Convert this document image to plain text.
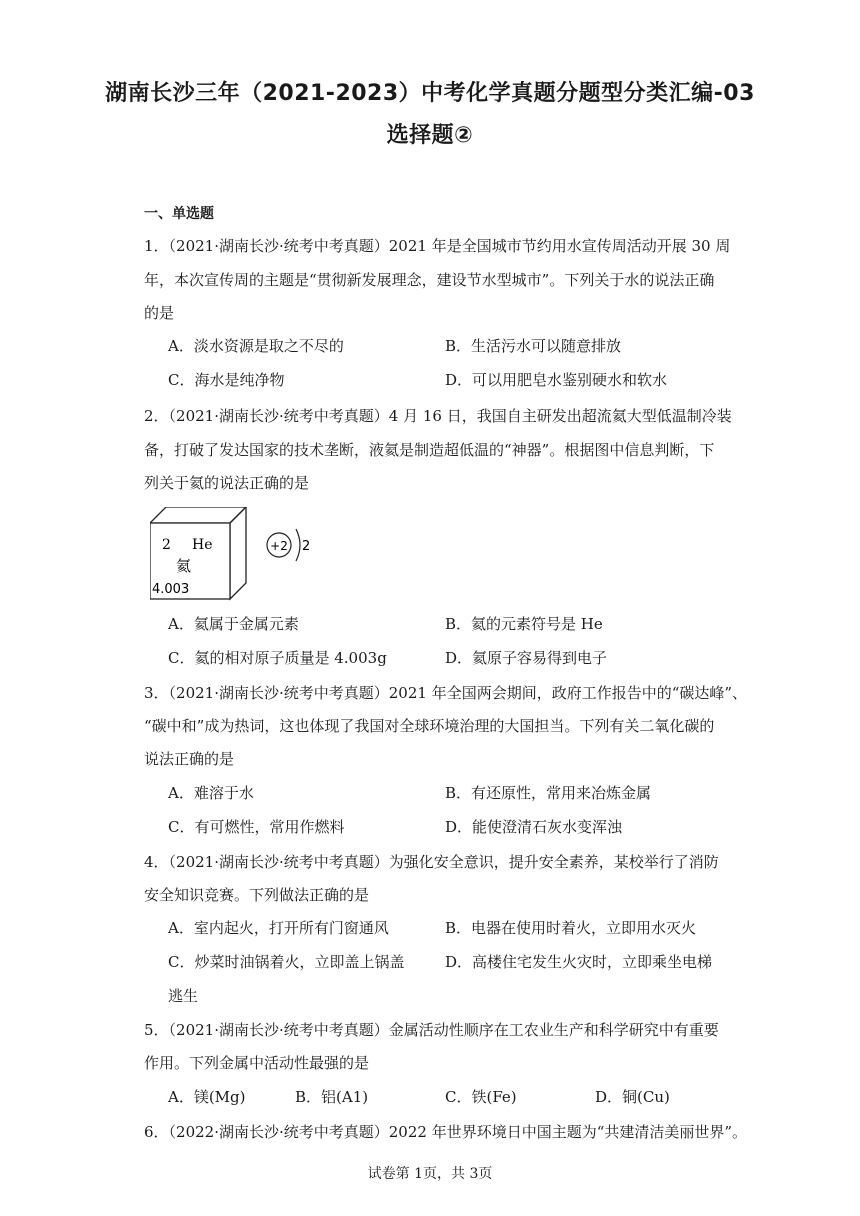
湖南长沙三年（2021-2023）中考化学真题分题型分类汇编-03
选择题②
一、单选题
1．（2021·湖南长沙·统考中考真题）2021 年是全国城市节约用水宣传周活动开展 30 周
年，本次宣传周的主题是“贯彻新发展理念，建设节水型城市”。下列关于水的说法正确
的是
A．淡水资源是取之不尽的	B．生活污水可以随意排放
C．海水是纯净物	D．可以用肥皂水鉴别硬水和软水
2．（2021·湖南长沙·统考中考真题）4 月 16 日，我国自主研发出超流氦大型低温制冷装
备，打破了发达国家的技术垄断，液氦是制造超低温的“神器”。根据图中信息判断，下
列关于氦的说法正确的是
2 He
氦
4.003
+2 2
A．氦属于金属元素	B．氦的元素符号是 He
C．氦的相对原子质量是 4.003g	D．氦原子容易得到电子
3．（2021·湖南长沙·统考中考真题）2021 年全国两会期间，政府工作报告中的“碳达峰”、
“碳中和”成为热词，这也体现了我国对全球环境治理的大国担当。下列有关二氧化碳的
说法正确的是
A．难溶于水	B．有还原性，常用来冶炼金属
C．有可燃性，常用作燃料	D．能使澄清石灰水变浑浊
4．（2021·湖南长沙·统考中考真题）为强化安全意识，提升安全素养，某校举行了消防
安全知识竞赛。下列做法正确的是
A．室内起火，打开所有门窗通风	B．电器在使用时着火，立即用水灭火
C．炒菜时油锅着火，立即盖上锅盖	D．高楼住宅发生火灾时，立即乘坐电梯
逃生
5．（2021·湖南长沙·统考中考真题）金属活动性顺序在工农业生产和科学研究中有重要
作用。下列金属中活动性最强的是
A．镁(Mg)	B．铝(A1)	C．铁(Fe)	D．铜(Cu)
6．（2022·湖南长沙·统考中考真题）2022 年世界环境日中国主题为“共建清洁美丽世界”。
试卷第 1页，共 3页
